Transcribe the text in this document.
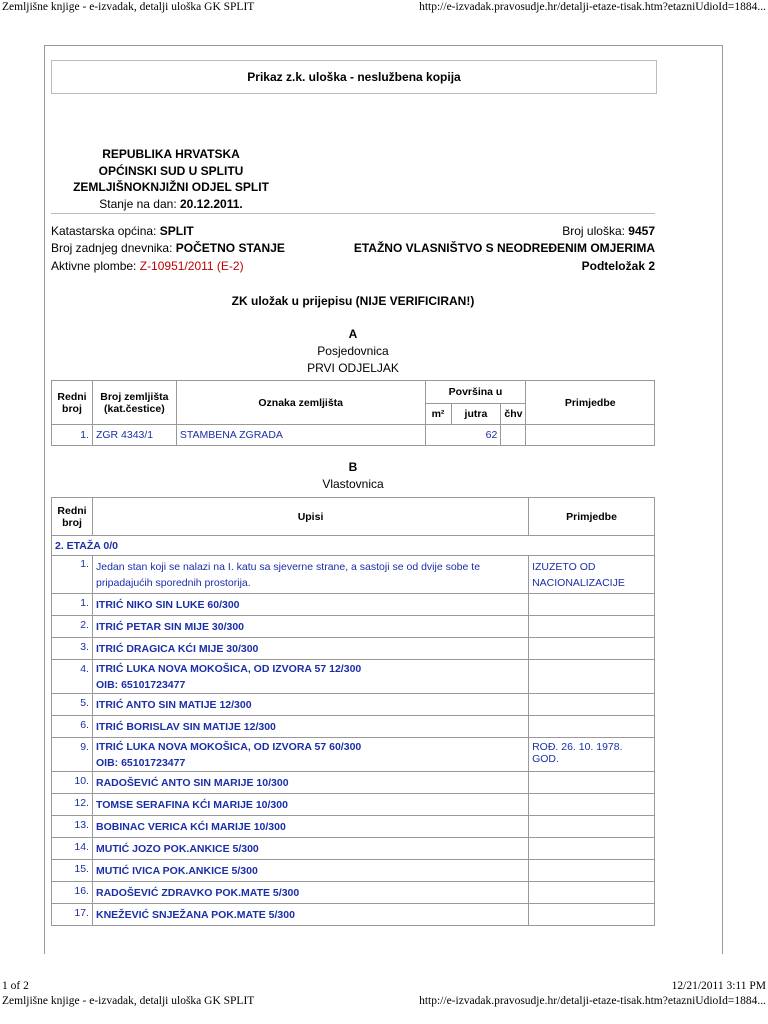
Zemljišne knjige - e-izvadak, detalji uloška GK SPLIT	http://e-izvadak.pravosudje.hr/detalji-etaze-tisak.htm?etazniUdioId=1884...
Prikaz z.k. uloška - neslužbena kopija
REPUBLIKA HRVATSKA
OPĆINSKI SUD U SPLITU
ZEMLJIŠNOKNJIŽNI ODJEL SPLIT
Stanje na dan: 20.12.2011.
Katastarska općina: SPLIT	Broj uloška: 9457
Broj zadnjeg dnevnika: POČETNO STANJE	ETAŽNO VLASNIŠTVO S NEODREĐENIM OMJERIMA
Aktivne plombe: Z-10951/2011 (E-2)	Podteložak 2
ZK uložak u prijepisu (NIJE VERIFICIRAN!)
A
Posjedovnica
PRVI ODJELJAK
Redni broj	Broj zemljišta (kat.čestice)	Oznaka zemljišta	Površina u			Primjedbe
			m²	jutra	čhv	
1.	ZGR 4343/1	STAMBENA ZGRADA	62			
B
Vlastovnica
Redni broj	Upisi	Primjedbe
2. ETAŽA 0/0		
1.	Jedan stan koji se nalazi na I. katu sa sjeverne strane, a sastoji se od dvije sobe te pripadajućih sporednih prostorija.	IZUZETO OD NACIONALIZACIJE
1.	ITRIĆ NIKO SIN LUKE 60/300	

2.	ITRIĆ PETAR SIN MIJE 30/300	

3.	ITRIĆ DRAGICA KĆI MIJE 30/300	

4.	ITRIĆ LUKA NOVA MOKOŠICA, OD IZVORA 57 12/300
OIB: 65101723477	

5.	ITRIĆ ANTO SIN MATIJE 12/300	

6.	ITRIĆ BORISLAV SIN MATIJE 12/300	

9.	ITRIĆ LUKA NOVA MOKOŠICA, OD IZVORA 57 60/300
OIB: 65101723477	ROĐ. 26. 10. 1978. GOD.
10.	RADOŠEVIĆ ANTO SIN MARIJE 10/300	

12.	TOMSE SERAFINA KĆI MARIJE 10/300	

13.	BOBINAC VERICA KĆI MARIJE 10/300	

14.	MUTIĆ JOZO POK.ANKICE 5/300	

15.	MUTIĆ IVICA POK.ANKICE 5/300	

16.	RADOŠEVIĆ ZDRAVKO POK.MATE 5/300	

17.	KNEŽEVIĆ SNJEŽANA POK.MATE 5/300	

1 of 2	12/21/2011 3:11 PM
Zemljišne knjige - e-izvadak, detalji uloška GK SPLIT	http://e-izvadak.pravosudje.hr/detalji-etaze-tisak.htm?etazniUdioId=1884...
